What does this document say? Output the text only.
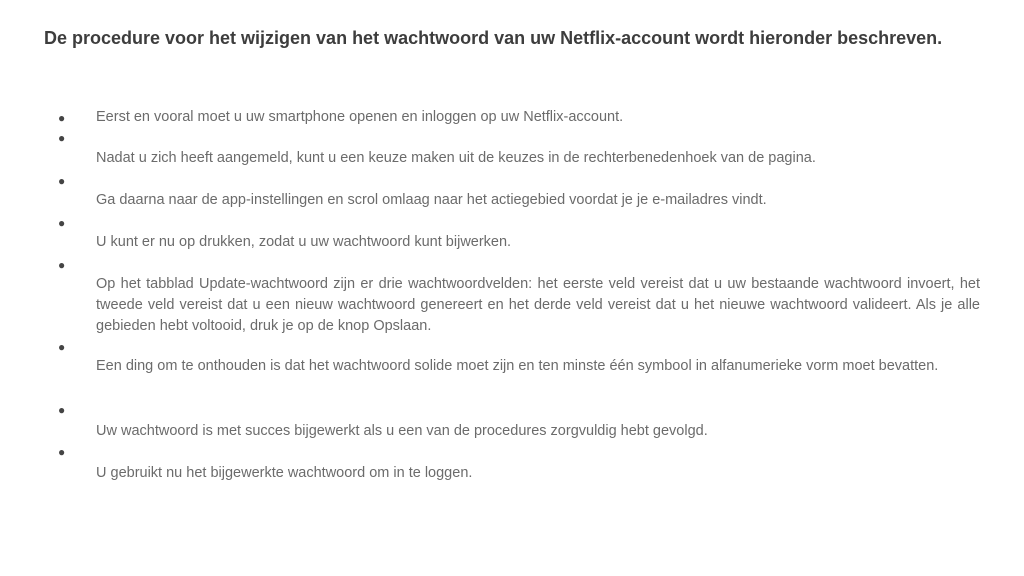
De procedure voor het wijzigen van het wachtwoord van uw Netflix-account wordt hieronder beschreven.
● Eerst en vooral moet u uw smartphone openen en inloggen op uw Netflix-account.
●
Nadat u zich heeft aangemeld, kunt u een keuze maken uit de keuzes in de rechterbenedenhoek van de pagina.
●
Ga daarna naar de app-instellingen en scrol omlaag naar het actiegebied voordat je je e-mailadres vindt.
●
U kunt er nu op drukken, zodat u uw wachtwoord kunt bijwerken.
●
Op het tabblad Update-wachtwoord zijn er drie wachtwoordvelden: het eerste veld vereist dat u uw bestaande wachtwoord invoert, het tweede veld vereist dat u een nieuw wachtwoord genereert en het derde veld vereist dat u het nieuwe wachtwoord valideert. Als je alle gebieden hebt voltooid, druk je op de knop Opslaan.
●
Een ding om te onthouden is dat het wachtwoord solide moet zijn en ten minste één symbool in alfanumerieke vorm moet bevatten.
●
Uw wachtwoord is met succes bijgewerkt als u een van de procedures zorgvuldig hebt gevolgd.
●
U gebruikt nu het bijgewerkte wachtwoord om in te loggen.
